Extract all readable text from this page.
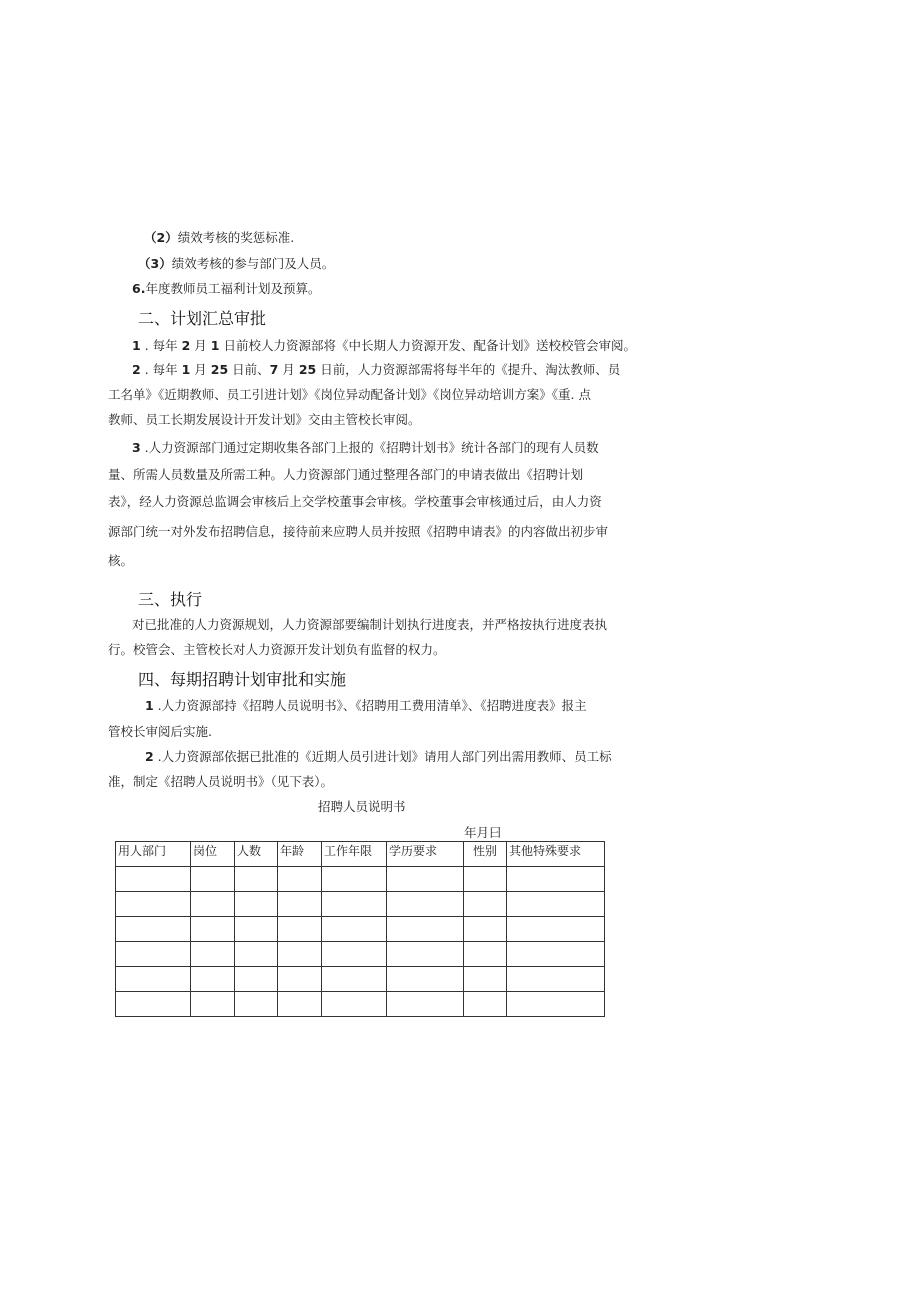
（2）绩效考核的奖惩标准.
（3）绩效考核的参与部门及人员。
6.年度教师员工福利计划及预算。
二、计划汇总审批
1 . 每年 2 月 1 日前校人力资源部将《中长期人力资源开发、配备计划》送校校管会审阅。
2 . 每年 1 月 25 日前、7 月 25 日前，人力资源部需将每半年的《提升、淘汰教师、员
工名单》《近期教师、员工引进计划》《岗位异动配备计划》《岗位异动培训方案》《重. 点
教师、员工长期发展设计开发计划》交由主管校长审阅。
3 .人力资源部门通过定期收集各部门上报的《招聘计划书》统计各部门的现有人员数
量、所需人员数量及所需工种。人力资源部门通过整理各部门的申请表做出《招聘计划
表》，经人力资源总监调会审核后上交学校董事会审核。学校董事会审核通过后，由人力资
源部门统一对外发布招聘信息，接待前来应聘人员并按照《招聘申请表》的内容做出初步审
核。
三、执行
对已批准的人力资源规划，人力资源部要编制计划执行进度表，并严格按执行进度表执
行。校管会、主管校长对人力资源开发计划负有监督的权力。
四、每期招聘计划审批和实施
1 .人力资源部持《招聘人员说明书》、《招聘用工费用清单》、《招聘进度表》报主
管校长审阅后实施.
2 .人力资源部依据已批准的《近期人员引进计划》请用人部门列出需用教师、员工标
准，制定《招聘人员说明书》（见下表）。
招聘人员说明书
年月曰
用人部门	岗位	人数	年龄	工作年限	学历要求	性别	其他特殊要求
